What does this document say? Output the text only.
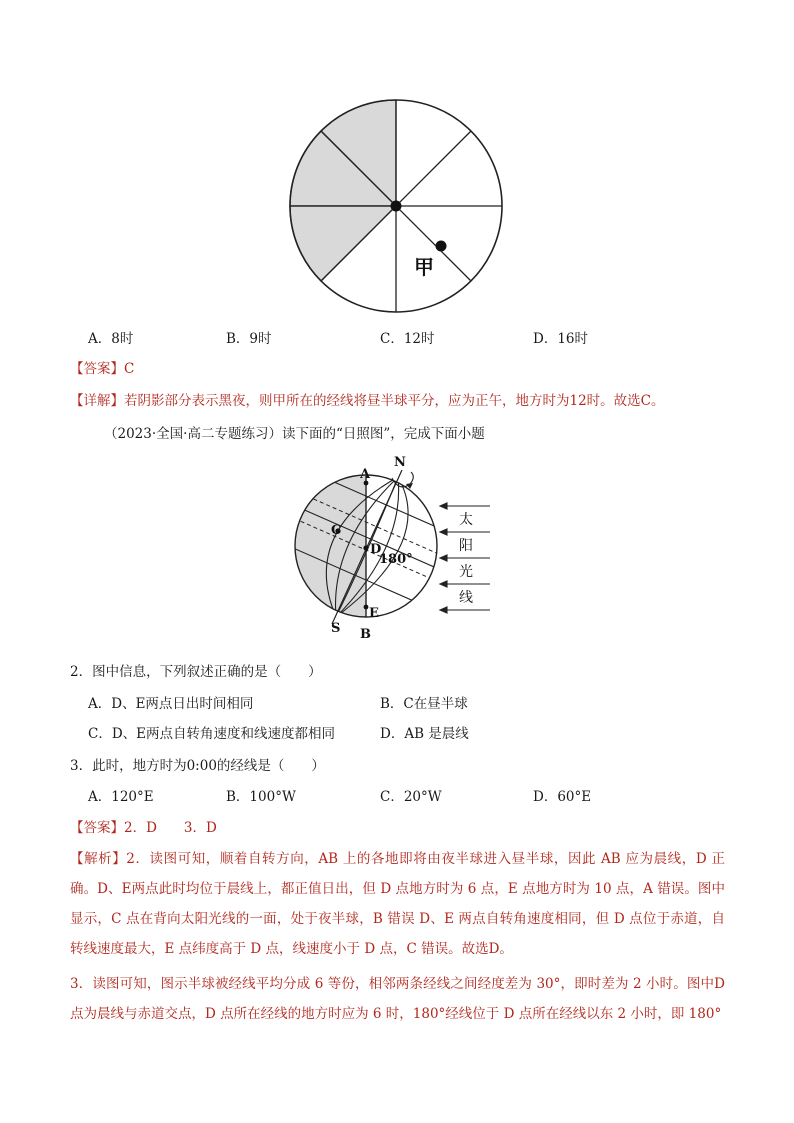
甲
A．8时	B．9时	C．12时	D．16时
【答案】C
【详解】若阴影部分表示黑夜，则甲所在的经线将昼半球平分，应为正午，地方时为12时。故选C。
（2023·全国·高二专题练习）读下面的“日照图”，完成下面小题
A
N
C
D
180°
E
S B
太
阳
光
线
2．图中信息，下列叙述正确的是（　　）
A．D、E两点日出时间相同	B．C在昼半球
C．D、E两点自转角速度和线速度都相同	D．AB 是晨线
3．此时，地方时为0:00的经线是（　　）
A．120°E	B．100°W	C．20°W	D．60°E
【答案】2．D　　3．D
【解析】2．读图可知，顺着自转方向，AB 上的各地即将由夜半球进入昼半球，因此 AB 应为晨线，D 正确。D、E两点此时均位于晨线上，都正值日出，但 D 点地方时为 6 点，E 点地方时为 10 点，A 错误。图中显示，C 点在背向太阳光线的一面，处于夜半球，B 错误 D、E 两点自转角速度相同，但 D 点位于赤道，自转线速度最大，E 点纬度高于 D 点，线速度小于 D 点，C 错误。故选D。
3．读图可知，图示半球被经线平均分成 6 等份，相邻两条经线之间经度差为 30°，即时差为 2 小时。图中D点为晨线与赤道交点，D 点所在经线的地方时应为 6 时，180°经线位于 D 点所在经线以东 2 小时，即 180°
